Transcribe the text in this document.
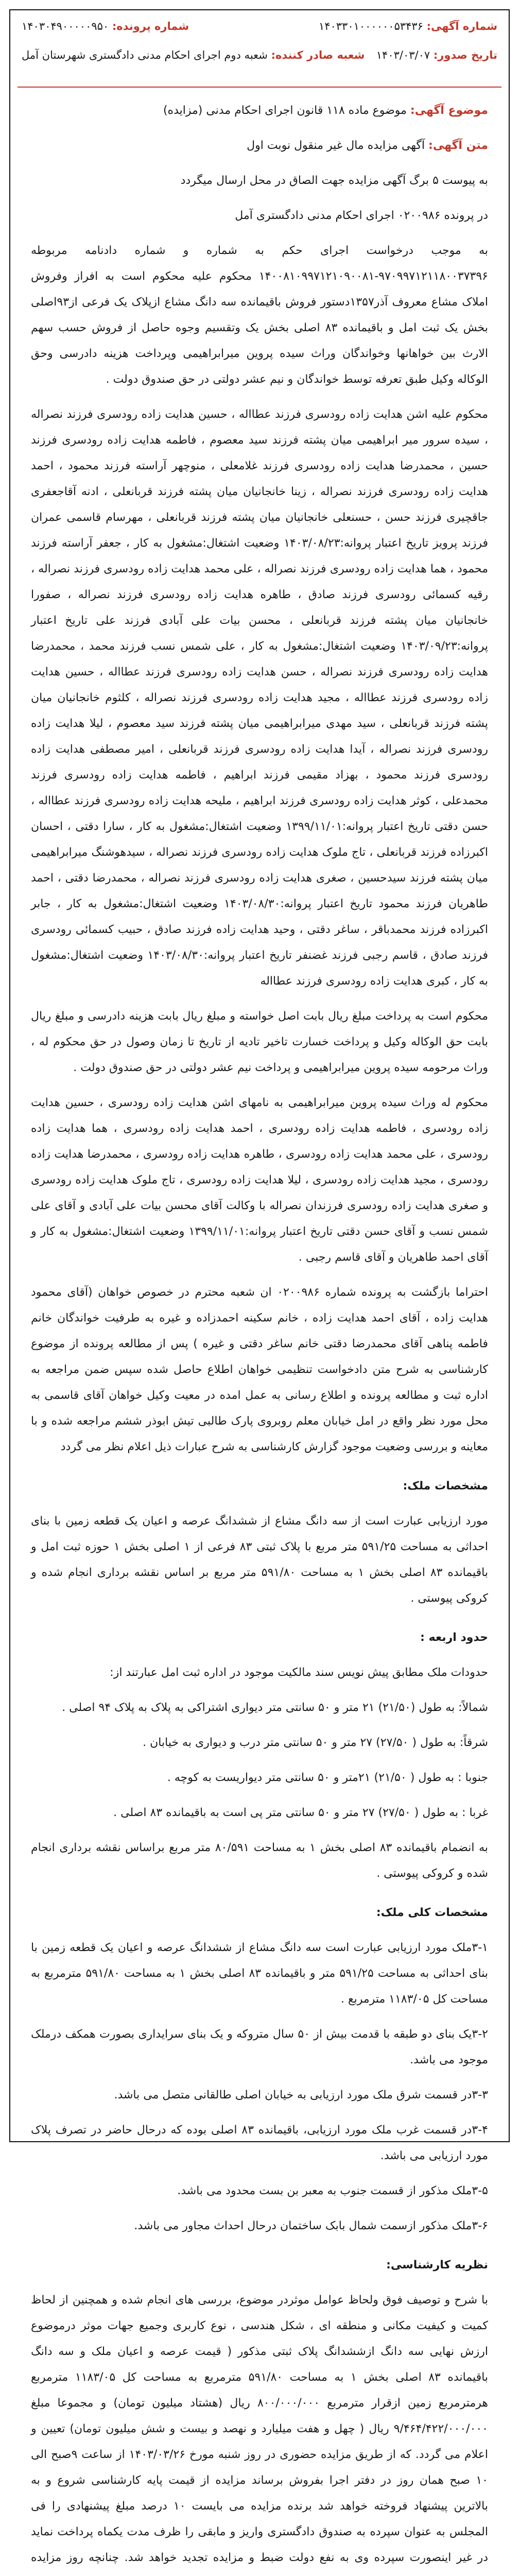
شماره آگهی: ۱۴۰۳۳۰۱۰۰۰۰۰۰۵۳۴۳۶
شماره پرونده: ۱۴۰۳۰۴۹۰۰۰۰۰۹۵۰
تاریخ صدور: ۱۴۰۳/۰۳/۰۷
شعبه صادر کننده: شعبه دوم اجرای احکام مدنی دادگستری شهرستان آمل

موضوع آگهی: موضوع ماده ۱۱۸ قانون اجرای احکام مدنی (مزایده)

متن آگهی: آگهی مزایده مال غیر منقول نوبت اول

به پیوست ۵ برگ آگهی مزایده جهت الصاق در محل ارسال میگردد

در پرونده ۰۲۰۰۹۸۶ اجرای احکام مدنی دادگستری آمل

به موجب درخواست اجرای حکم به شماره و شماره دادنامه مربوطه ۹۷۰۹۹۷۱۲۱۱۸۰۰۳۷۳۹۶-۱۴۰۰۸۱۰۹۹۷۱۲۱۰۹۰۰۸۱ محکوم علیه محکوم است به افراز وفروش املاک مشاع معروف آذر۱۳۵۷دستور فروش باقیمانده سه دانگ مشاع ازپلاک یک فرعی از۹۳اصلی بخش یک ثبت امل و باقیمانده ۸۳ اصلی بخش یک وتقسیم وجوه حاصل از فروش حسب سهم الارث بین خواهانها وخواندگان وراث سیده پروین میرابراهیمی وپرداخت هزینه دادرسی وحق الوکاله وکیل طبق تعرفه توسط خواندگان و نیم عشر دولتی در حق صندوق دولت .

محکوم علیه اشن هدایت زاده رودسری فرزند عطااله ، حسین هدایت زاده رودسری فرزند نصراله ، سیده سرور میر ابراهیمی میان پشته فرزند سید معصوم ، فاطمه هدایت زاده رودسری فرزند حسین ، محمدرضا هدایت زاده رودسری فرزند غلامعلی ، منوچهر آراسته فرزند محمود ، احمد هدایت زاده رودسری فرزند نصراله ، زینا خانجانیان میان پشته فرزند قربانعلی ، ادنه آقاجعفری جاقچیری فرزند حسن ، حسنعلی خانجانیان میان پشته فرزند قربانعلی ، مهرسام قاسمی عمران فرزند پرویز تاریخ اعتبار پروانه:۱۴۰۳/۰۸/۲۳ وضعیت اشتغال:مشغول به کار ، جعفر آراسته فرزند محمود ، هما هدایت زاده رودسری فرزند نصراله ، علی محمد هدایت زاده رودسری فرزند نصراله ، رقیه کسمائی رودسری فرزند صادق ، طاهره هدایت زاده رودسری فرزند نصراله ، صفورا خانجانیان میان پشته فرزند قربانعلی ، محسن بیات علی آبادی فرزند علی تاریخ اعتبار پروانه:۱۴۰۳/۰۹/۲۳ وضعیت اشتغال:مشغول به کار ، علی شمس نسب فرزند محمد ، محمدرضا هدایت زاده رودسری فرزند نصراله ، حسن هدایت زاده رودسری فرزند عطااله ، حسین هدایت زاده رودسری فرزند عطااله ، مجید هدایت زاده رودسری فرزند نصراله ، کلثوم خانجانیان میان پشته فرزند قربانعلی ، سید مهدی میرابراهیمی میان پشته فرزند سید معصوم ، لیلا هدایت زاده رودسری فرزند نصراله ، آیدا هدایت زاده رودسری فرزند قربانعلی ، امیر مصطفی هدایت زاده رودسری فرزند محمود ، بهزاد مقیمی فرزند ابراهیم ، فاطمه هدایت زاده رودسری فرزند محمدعلی ، کوثر هدایت زاده رودسری فرزند ابراهیم ، ملیحه هدایت زاده رودسری فرزند عطااله ، حسن دقتی تاریخ اعتبار پروانه:۱۳۹۹/۱۱/۰۱ وضعیت اشتغال:مشغول به کار ، سارا دقتی ، احسان اکبرزاده فرزند قربانعلی ، تاج ملوک هدایت زاده رودسری فرزند نصراله ، سیدهوشنگ میرابراهیمی میان پشته فرزند سیدحسین ، صغری هدایت زاده رودسری فرزند نصراله ، محمدرضا دقتی ، احمد طاهریان فرزند محمود تاریخ اعتبار پروانه:۱۴۰۳/۰۸/۳۰ وضعیت اشتغال:مشغول به کار ، جابر اکبرزاده فرزند محمدباقر ، ساغر دقتی ، وحید هدایت زاده فرزند صادق ، حبیب کسمائی رودسری فرزند صادق ، قاسم رجبی فرزند غضنفر تاریخ اعتبار پروانه:۱۴۰۳/۰۸/۳۰ وضعیت اشتغال:مشغول به کار ، کبری هدایت زاده رودسری فرزند عطااله

محکوم است به پرداخت مبلغ ریال بابت اصل خواسته و مبلغ ریال بابت هزینه دادرسی و مبلغ ریال بابت حق الوکاله وکیل و پرداخت خسارت تاخیر تادیه از تاریخ تا زمان وصول در حق محکوم له ، وراث مرحومه سیده پروین میرابراهیمی و پرداخت نیم عشر دولتی در حق صندوق دولت .

محکوم له وراث سیده پروین میرابراهیمی به نامهای اشن هدایت زاده رودسری ، حسین هدایت زاده رودسری ، فاطمه هدایت زاده رودسری ، احمد هدایت زاده رودسری ، هما هدایت زاده رودسری ، علی محمد هدایت زاده رودسری ، طاهره هدایت زاده رودسری ، محمدرضا هدایت زاده رودسری ، مجید هدایت زاده رودسری ، لیلا هدایت زاده رودسری ، تاج ملوک هدایت زاده رودسری و صغری هدایت زاده رودسری فرزندان نصراله با وکالت آقای محسن بیات علی آبادی و آقای علی شمس نسب و آقای حسن دقتی تاریخ اعتبار پروانه:۱۳۹۹/۱۱/۰۱ وضعیت اشتغال:مشغول به کار و آقای احمد طاهریان و آقای قاسم رجبی .

احتراما بازگشت به پرونده شماره ۰۲۰۰۹۸۶ ان شعبه محترم در خصوص خواهان (آقای محمود هدایت زاده ، آقای احمد هدایت زاده ، خانم سکینه احمدزاده و غیره به طرفیت خواندگان خانم فاطمه پناهی آقای محمدرضا دقتی خانم ساغر دقتی و غیره ) پس از مطالعه پرونده از موضوع کارشناسی به شرح متن دادخواست تنظیمی خواهان اطلاع حاصل شده سپس ضمن مراجعه به اداره ثبت و مطالعه پرونده و اطلاع رسانی به عمل امده در معیت وکیل خواهان آقای قاسمی به محل مورد نظر واقع در امل خیابان معلم روبروی پارک طالبی تیش ابوذر ششم مراجعه شده و با معاینه و بررسی وضعیت موجود گزارش کارشناسی به شرح عبارات ذیل اعلام نظر می گردد

مشخصات ملک:

مورد ارزیابی عبارت است از سه دانگ مشاع از ششدانگ عرصه و اعیان یک قطعه زمین با بنای احداثی به مساحت ۵۹۱/۲۵ متر مربع با پلاک ثبتی ۸۳ فرعی از ۱ اصلی بخش ۱ حوزه ثبت امل و باقیمانده ۸۳ اصلی بخش ۱ به مساحت ۵۹۱/۸۰ متر مربع بر اساس نقشه برداری انجام شده و کروکی پیوستی .

حدود اربعه :

حدودات ملک مطابق پیش نویس سند مالکیت موجود در اداره ثبت امل عبارتند از:

شمالاً: به طول (۲۱/۵۰) ۲۱ متر و ۵۰ سانتی متر دیواری اشتراکی به پلاک به پلاک ۹۴ اصلی .

شرقاً: به طول ( ۲۷/۵۰) ۲۷ متر و ۵۰ سانتی متر درب و دیواری به خیابان .

جنوبا : به طول ( ۲۱/۵۰) ۲۱متر و ۵۰ سانتی متر دیواریست به کوچه .

غربا : به طول ( ۲۷/۵۰) ۲۷ متر و ۵۰ سانتی متر پی است به باقیمانده ۸۳ اصلی .

به انضمام باقیمانده ۸۳ اصلی بخش ۱ به مساحت ۸۰/۵۹۱ متر مربع براساس نقشه برداری انجام شده و کروکی پیوستی .

مشخصات کلی ملک:

۳-۱ملک مورد ارزیابی عبارت است سه دانگ مشاع از ششدانگ عرصه و اعیان یک قطعه زمین با بنای احداثی به مساحت ۵۹۱/۲۵ متر و باقیمانده ۸۳ اصلی بخش ۱ به مساحت ۵۹۱/۸۰ مترمربع به مساحت کل ۱۱۸۳/۰۵ مترمربع .

۳-۲یک بنای دو طبقه با قدمت بیش از ۵۰ سال متروکه و یک بنای سرایداری بصورت همکف درملک موجود می باشد.

۳-۳در قسمت شرق ملک مورد ارزیابی به خیابان اصلی طالقانی متصل می باشد.

۳-۴در قسمت غرب ملک مورد ارزیابی، باقیمانده ۸۳ اصلی بوده که درحال حاضر در تصرف پلاک مورد ارزیابی می باشد.

۳-۵ملک مذکور از قسمت جنوب به معبر بن بست محدود می باشد.

۳-۶ملک مذکور ازسمت شمال بابک ساختمان درحال احداث مجاور می باشد.

نظریه کارشناسی:

با شرح و توصیف فوق ولحاظ عوامل موثردر موضوع، بررسی های انجام شده و همچنین از لحاظ کمیت و کیفیت مکانی و منطقه ای ، شکل هندسی ، نوع کاربری وجمیع جهات موثر درموضوع ارزش نهایی سه دانگ ازششدانگ پلاک ثبتی مذکور ( قیمت عرصه و اعیان ملک و سه دانگ باقیمانده ۸۳ اصلی بخش ۱ به مساحت ۵۹۱/۸۰ مترمربع به مساحت کل ۱۱۸۳/۰۵ مترمربع هرمترمربع زمین ازقرار مترمربع ۸۰۰/۰۰۰/۰۰۰ ریال (هشتاد میلیون تومان) و مجموعا مبلغ ۹/۴۶۴/۴۲۲/۰۰۰/۰۰۰ ریال ( چهل و هفت میلیارد و نهصد و بیست و شش میلیون تومان) تعیین و اعلام می گردد. که از طریق مزایده حضوری در روز شنبه مورخ ۱۴۰۳/۰۳/۲۶ از ساعت ۹صبح الی ۱۰ صبح همان روز در دفتر اجرا بفروش برساند مزایده از قیمت پایه کارشناسی شروع و به بالاترین پیشنهاد فروخته خواهد شد برنده مزایده می بایست ۱۰ درصد مبلغ پیشنهادی را فی المجلس به عنوان سپرده به صندوق دادگستری واریز و مابقی را ظرف مدت یکماه پرداخت نماید در غیر اینصورت سپرده وی به نفع دولت ضبط و مزایده تجدید خواهد شد. چنانچه روز مزایده
